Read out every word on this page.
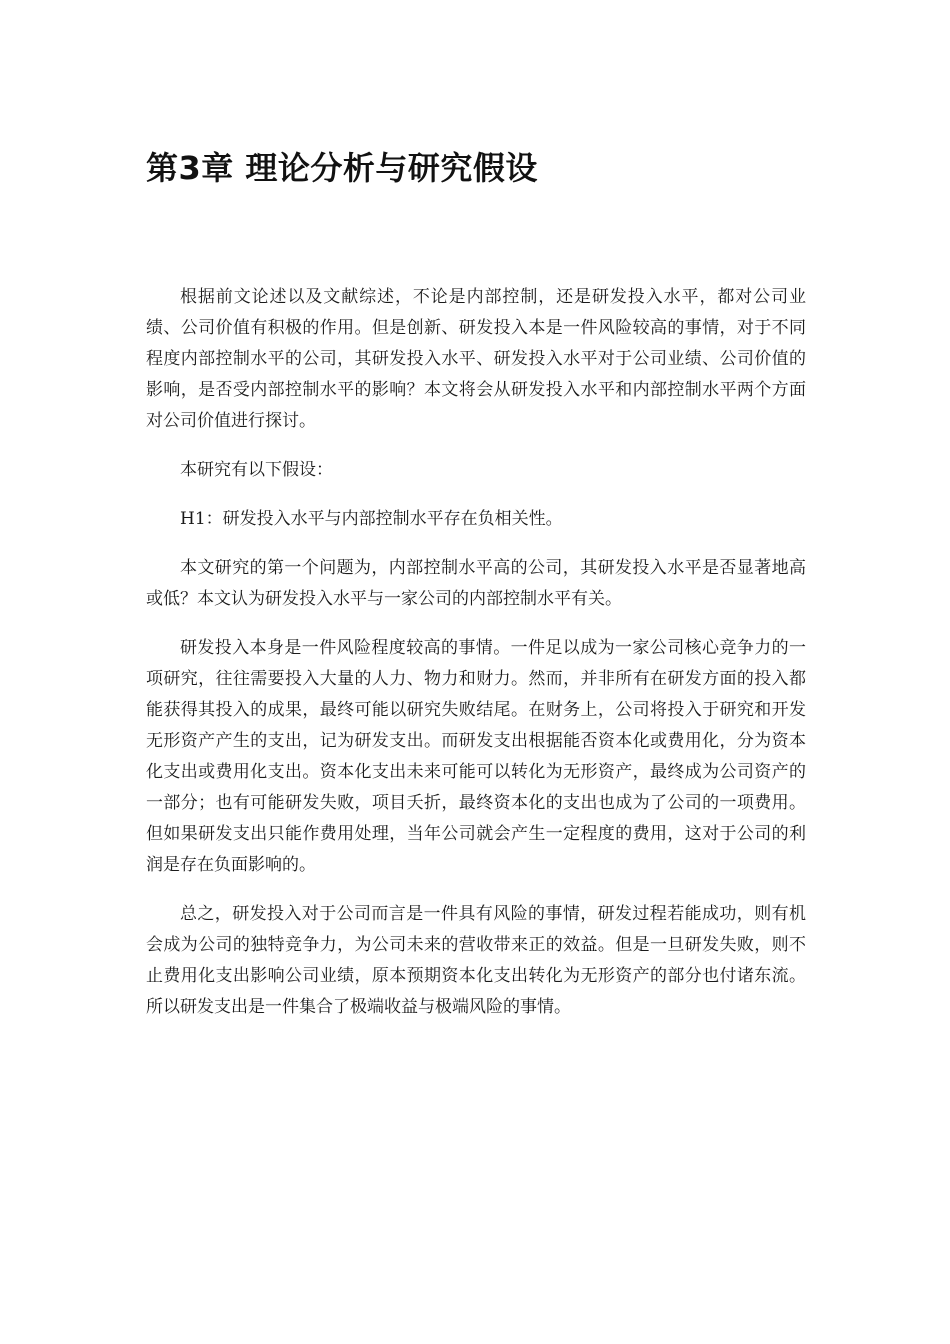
第3章 理论分析与研究假设

根据前文论述以及文献综述，不论是内部控制，还是研发投入水平，都对公司业绩、公司价值有积极的作用。但是创新、研发投入本是一件风险较高的事情，对于不同程度内部控制水平的公司，其研发投入水平、研发投入水平对于公司业绩、公司价值的影响，是否受内部控制水平的影响？本文将会从研发投入水平和内部控制水平两个方面对公司价值进行探讨。

本研究有以下假设：

H1：研发投入水平与内部控制水平存在负相关性。

本文研究的第一个问题为，内部控制水平高的公司，其研发投入水平是否显著地高或低？本文认为研发投入水平与一家公司的内部控制水平有关。

研发投入本身是一件风险程度较高的事情。一件足以成为一家公司核心竞争力的一项研究，往往需要投入大量的人力、物力和财力。然而，并非所有在研发方面的投入都能获得其投入的成果，最终可能以研究失败结尾。在财务上，公司将投入于研究和开发无形资产产生的支出，记为研发支出。而研发支出根据能否资本化或费用化，分为资本化支出或费用化支出。资本化支出未来可能可以转化为无形资产，最终成为公司资产的一部分；也有可能研发失败，项目夭折，最终资本化的支出也成为了公司的一项费用。但如果研发支出只能作费用处理，当年公司就会产生一定程度的费用，这对于公司的利润是存在负面影响的。

总之，研发投入对于公司而言是一件具有风险的事情，研发过程若能成功，则有机会成为公司的独特竞争力，为公司未来的营收带来正的效益。但是一旦研发失败，则不止费用化支出影响公司业绩，原本预期资本化支出转化为无形资产的部分也付诸东流。所以研发支出是一件集合了极端收益与极端风险的事情。
